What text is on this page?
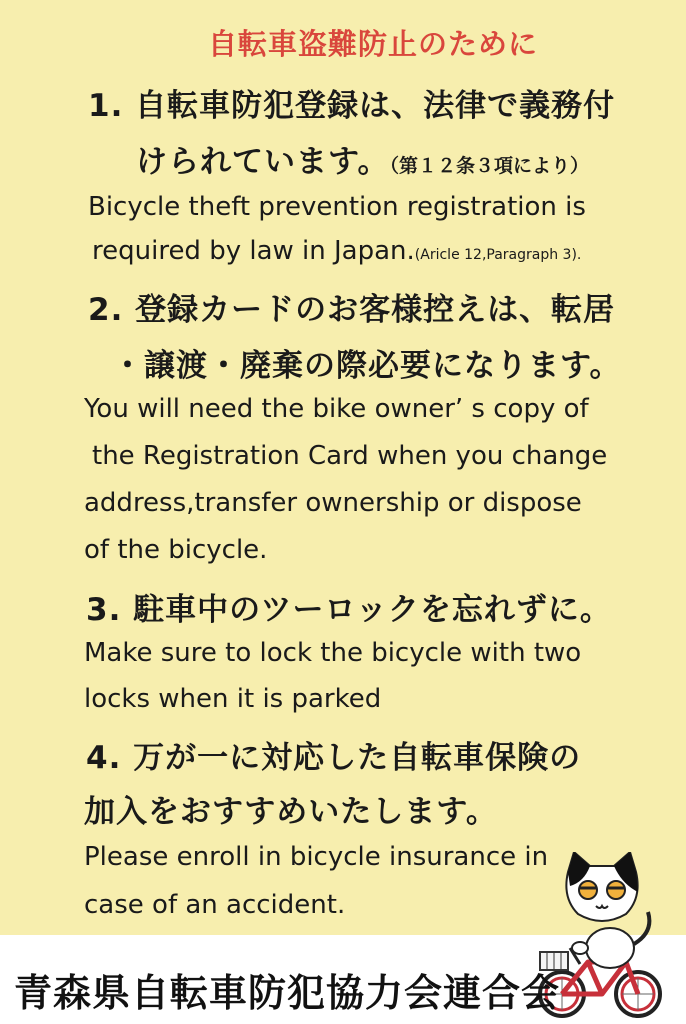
自転車盗難防止のために
1. 自転車防犯登録は、法律で義務付
けられています。（第１２条３項により）
Bicycle theft prevention registration is
required by law in Japan.(Aricle 12,Paragraph 3).
2. 登録カードのお客様控えは、転居
・譲渡・廃棄の際必要になります。
You will need the bike owner’ s copy of
the Registration Card when you change
address,transfer ownership or dispose
of the bicycle.
3. 駐車中のツーロックを忘れずに。
Make sure to lock the bicycle with two
locks when it is parked
4. 万が一に対応した自転車保険の
加入をおすすめいたします。
Please enroll in bicycle insurance in
case of an accident.
青森県自転車防犯協力会連合会
